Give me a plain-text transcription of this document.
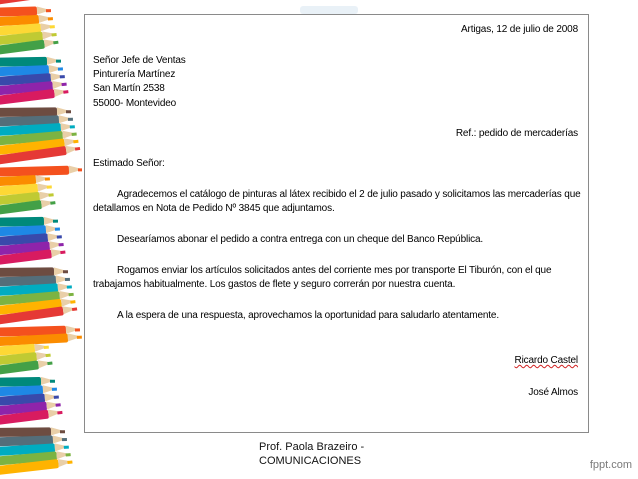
Artigas, 12 de julio de 2008
Señor Jefe de Ventas
Pinturería Martínez
San Martín 2538
55000- Montevideo
Ref.: pedido de mercaderías
Estimado Señor:
Agradecemos el catálogo de pinturas al látex recibido el 2 de julio pasado y solicitamos las mercaderías que
detallamos en Nota de Pedido Nº 3845 que adjuntamos.
Desearíamos abonar el pedido a contra entrega con un cheque del Banco República.
Rogamos enviar los artículos solicitados antes del corriente mes por transporte El Tiburón, con el que
trabajamos habitualmente. Los gastos de flete y seguro correrán por nuestra cuenta.
A la espera de una respuesta, aprovechamos la oportunidad para saludarlo atentamente.
Ricardo Castel
José Almos
Prof. Paola Brazeiro -
COMUNICACIONES	fppt.com
